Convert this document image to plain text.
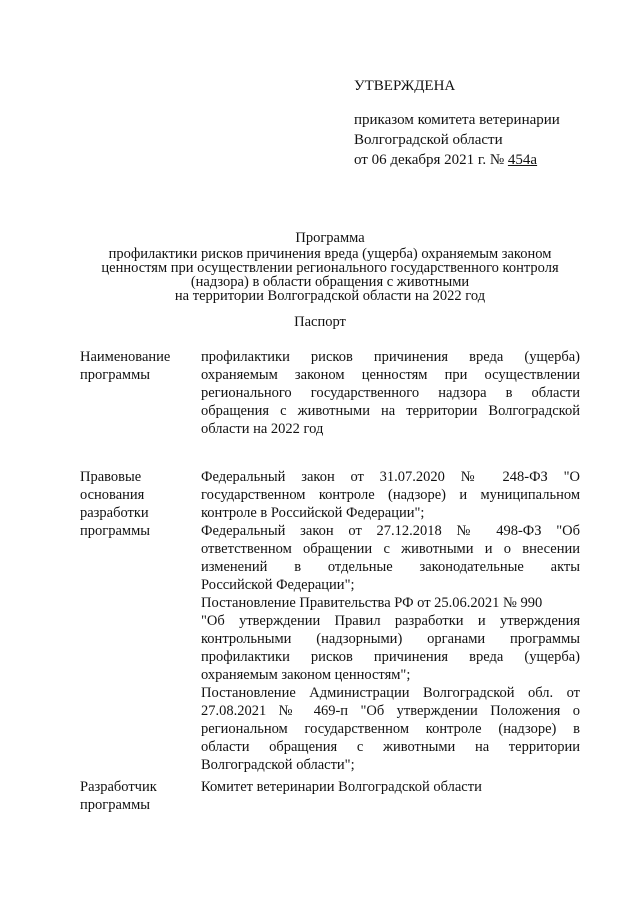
УТВЕРЖДЕНА
приказом комитета ветеринарии
Волгоградской области
от 06 декабря 2021 г. № 454а
Программа
профилактики рисков причинения вреда (ущерба) охраняемым законом
ценностям при осуществлении регионального государственного контроля
(надзора) в области обращения с животными
на территории Волгоградской области на 2022 год
Паспорт
Наименование
программы
профилактики рисков причинения вреда (ущерба)
охраняемым законом ценностям при осуществлении
регионального государственного надзора в области
обращения с животными на территории Волгоградской
области на 2022 год
Правовые
основания
разработки
программы
Федеральный закон от 31.07.2020 № 248-ФЗ "О
государственном контроле (надзоре) и муниципальном
контроле в Российской Федерации";
Федеральный закон от 27.12.2018 № 498-ФЗ "Об
ответственном обращении с животными и о внесении
изменений в отдельные законодательные акты
Российской Федерации";
Постановление Правительства РФ от 25.06.2021 № 990
"Об утверждении Правил разработки и утверждения
контрольными (надзорными) органами программы
профилактики рисков причинения вреда (ущерба)
охраняемым законом ценностям";
Постановление Администрации Волгоградской обл. от
27.08.2021 № 469-п "Об утверждении Положения о
региональном государственном контроле (надзоре) в
области обращения с животными на территории
Волгоградской области";
Разработчик
программы
Комитет ветеринарии Волгоградской области
